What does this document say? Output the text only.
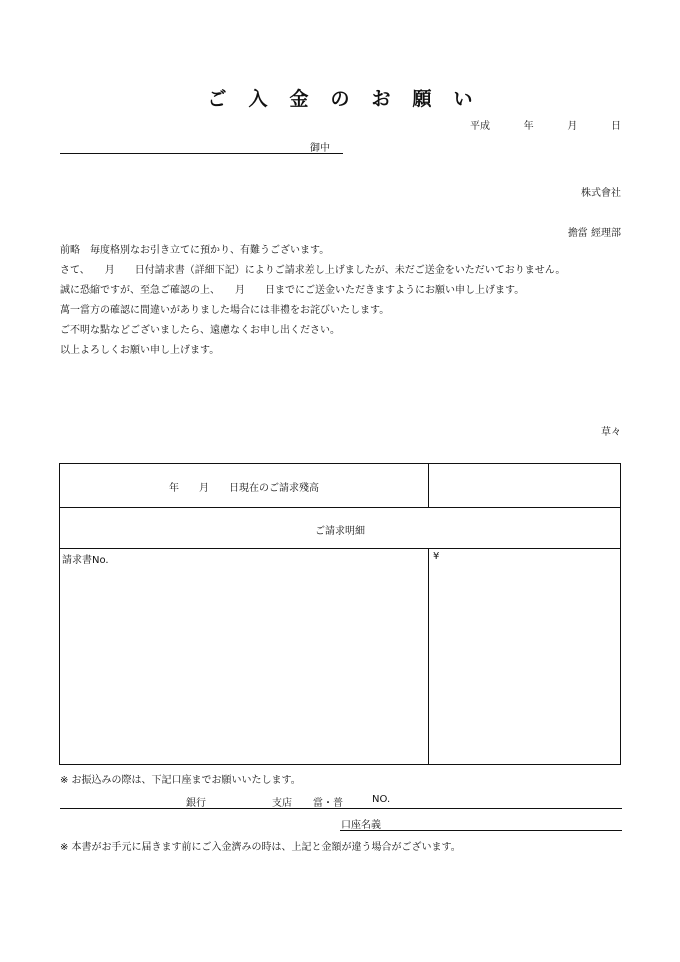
ご入金のお願い
平成	年	月	日
御中
株式會社
擔當 經理部

前略　毎度格別なお引き立てに預かり、有難うございます。

さて、　　月　　日付請求書（詳細下記）によりご請求差し上げましたが、未だご送金をいただいておりません。

誠に恐縮ですが、至急ご確認の上、　　月　　日までにご送金いただきますようにお願い申し上げます。

萬一當方の確認に間違いがありました場合には非禮をお詫びいたします。

ご不明な點などございましたら、遠慮なくお申し出ください。

以上よろしくお願い申し上げます。

草々
年　　月　　日現在のご請求殘高
ご請求明細
請求書No.	¥
※ お振込みの際は、下記口座までお願いいたします。
銀行	支店 當・普	NO.
口座名義
※ 本書がお手元に届きます前にご入金濟みの時は、上記と金額が違う場合がございます。
